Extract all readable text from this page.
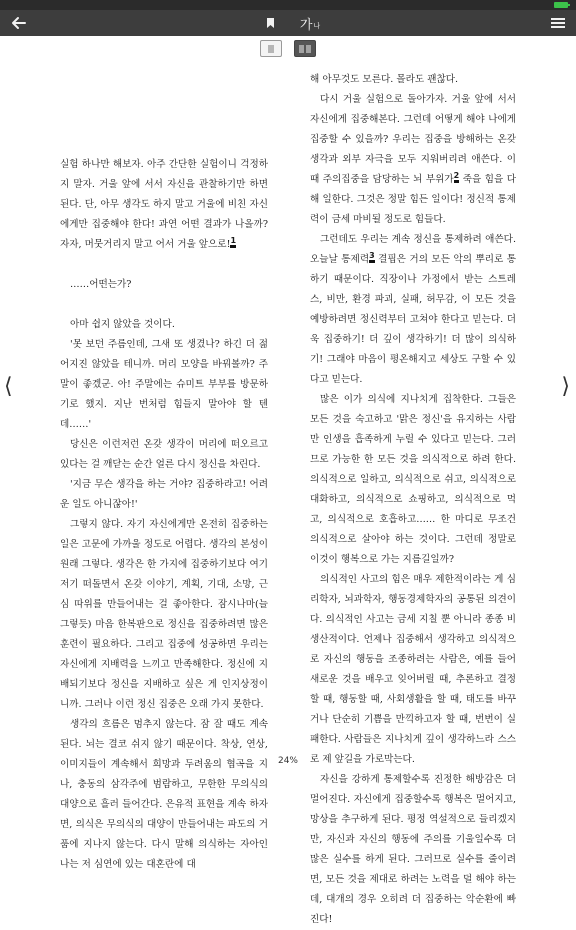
가 나
⟨	⟩

실험 하나만 해보자. 아주 간단한 실험이니 걱정하지 말자. 거울 앞에 서서 자신을 관찰하기만 하면 된다. 단, 아무 생각도 하지 말고 거울에 비친 자신에게만 집중해야 한다! 과연 어떤 결과가 나올까? 자자, 머뭇거리지 말고 어서 거울 앞으로!$^1$

……어떤는가?

아마 쉽지 않았을 것이다.

'못 보던 주름인데, 그새 또 생겼나? 하긴 더 젊어지진 않았을 테니까. 머리 모양을 바꿔볼까? 주말이 좋겠군. 아! 주말에는 슈미트 부부를 방문하기로 했지. 지난 번처럼 힘들지 말아야 할 텐데……'

당신은 이런저런 온갖 생각이 머리에 떠오르고 있다는 걸 깨닫는 순간 얼른 다시 정신을 차린다.

'지금 무슨 생각을 하는 거야? 집중하라고! 어려운 일도 아니잖아!'

그렇지 않다. 자기 자신에게만 온전히 집중하는 일은 고문에 가까울 정도로 어렵다. 생각의 본성이 원래 그렇다. 생각은 한 가지에 집중하기보다 여기저기 떠돌면서 온갖 이야기, 계획, 기대, 소망, 근심 따위를 만들어내는 걸 좋아한다. 잠시나마(늘 그렇듯) 마음 한복판으로 정신을 집중하려면 많은 훈련이 필요하다. 그리고 집중에 성공하면 우리는 자신에게 지배력을 느끼고 만족해한다. 정신에 지배되기보다 정신을 지배하고 싶은 게 인지상정이니까. 그러나 이런 정신 집중은 오래 가지 못한다.

생각의 흐름은 멈추지 않는다. 잠 잘 때도 계속 된다. 뇌는 결코 쉬지 않기 때문이다. 착상, 연상, 이미지들이 계속해서 희망과 두려움의 협곡을 지나, 충동의 삼각주에 범람하고, 무한한 무의식의 대양으로 흘러 들어간다. 은유적 표현을 계속 하자면, 의식은 무의식의 대양이 만들어내는 파도의 거품에 지나지 않는다. 다시 말해 의식하는 자아인 나는 저 심연에 있는 대혼란에 대

해 아무것도 모른다. 몰라도 괜찮다.

다시 거울 실험으로 돌아가자. 거울 앞에 서서 자신에게 집중해본다. 그런데 어떻게 해야 나에게 집중할 수 있을까? 우리는 집중을 방해하는 온갖 생각과 외부 자극을 모두 지워버리려 애쓴다. 이때 주의집중을 담당하는 뇌 부위가$^2$ 죽을 힘을 다해 일한다. 그것은 정말 힘든 일이다! 정신적 통제력이 금세 마비될 정도로 힘들다.

그런데도 우리는 계속 정신을 통제하려 애쓴다. 오늘날 통제력$^3$ 결핍은 거의 모든 악의 뿌리로 통하기 때문이다. 직장이나 가정에서 받는 스트레스, 비만, 환경 파괴, 실패, 허무감, 이 모든 것을 예방하려면 정신력부터 고쳐야 한다고 믿는다. 더욱 집중하기! 더 깊이 생각하기! 더 많이 의식하기! 그래야 마음이 평온해지고 세상도 구할 수 있다고 믿는다.

많은 이가 의식에 지나치게 집착한다. 그들은 모든 것을 숙고하고 '맑은 정신'을 유지하는 사람만 인생을 흡족하게 누릴 수 있다고 믿는다. 그러므로 가능한 한 모든 것을 의식적으로 하려 한다. 의식적으로 일하고, 의식적으로 쉬고, 의식적으로 대화하고, 의식적으로 쇼핑하고, 의식적으로 먹고, 의식적으로 호흡하고…… 한 마디로 무조건 의식적으로 살아야 하는 것이다. 그런데 정말로 이것이 행복으로 가는 지름길일까?

의식적인 사고의 힘은 매우 제한적이라는 게 심리학자, 뇌과학자, 행동경제학자의 공통된 의견이다. 의식적인 사고는 금세 지칠 뿐 아니라 종종 비생산적이다. 언제나 집중해서 생각하고 의식적으로 자신의 행동을 조종하려는 사람은, 예를 들어 새로운 것을 배우고 잊어버릴 때, 추론하고 결정할 때, 행동할 때, 사회생활을 할 때, 태도를 바꾸거나 단순히 기쁨을 만끽하고자 할 때, 번번이 실패한다. 사람들은 지나치게 깊이 생각하느라 스스로 제 앞길을 가로막는다.

자신을 강하게 통제할수록 진정한 해방감은 더 멀어진다. 자신에게 집중할수록 행복은 멀어지고, 망상을 추구하게 된다. 평정 역설적으로 들리겠지만, 자신과 자신의 행동에 주의를 기울일수록 더 많은 실수를 하게 된다. 그러므로 실수를 줄이려면, 모든 것을 제대로 하려는 노력을 덜 해야 하는데, 대개의 경우 오히려 더 집중하는 악순환에 빠진다!

24%
